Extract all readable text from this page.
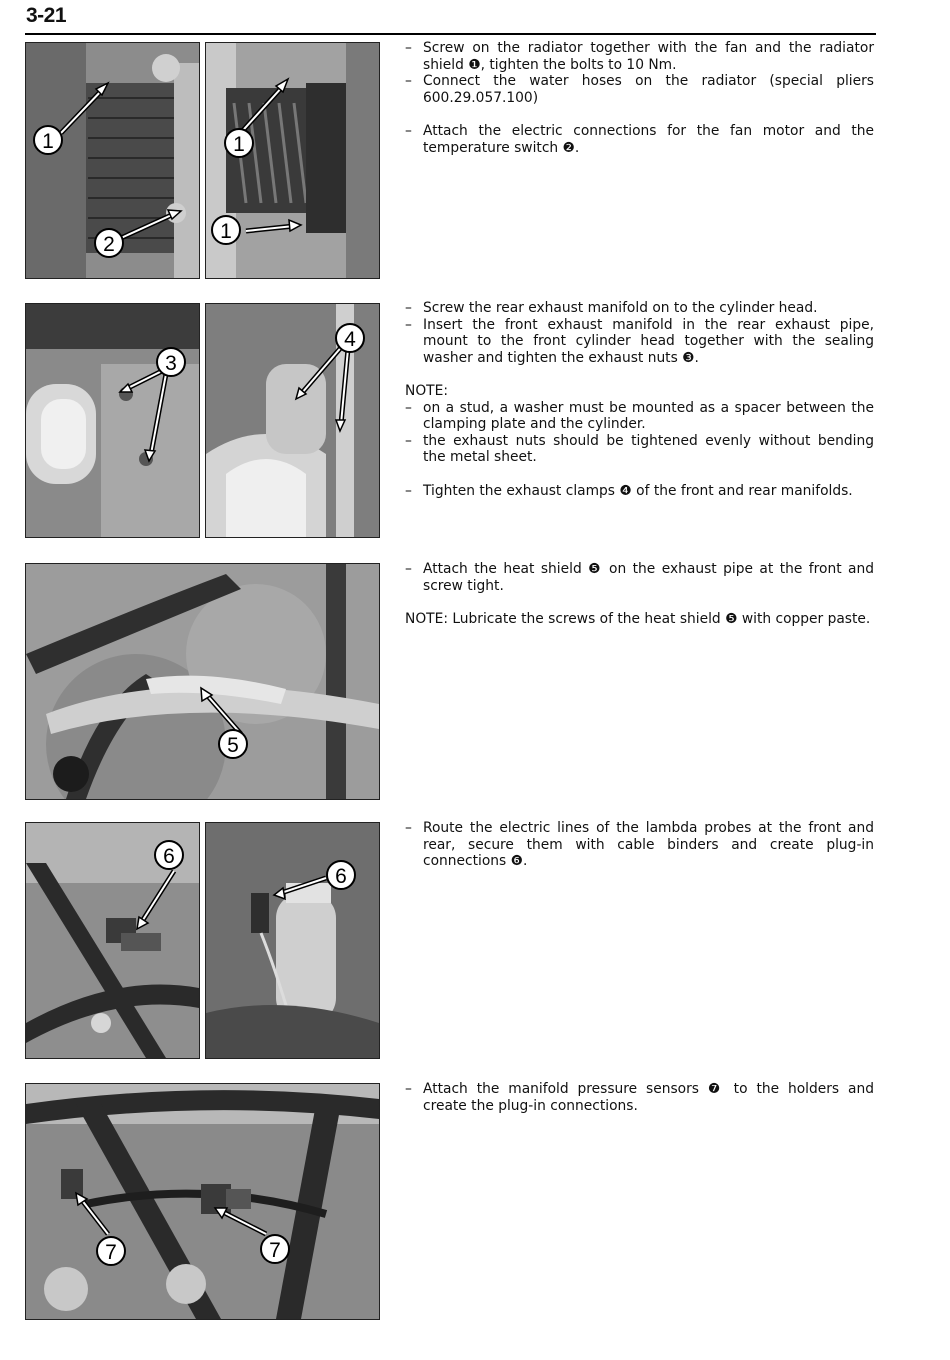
3-21
1
2
1
1
– Screw on the radiator together with the fan and the radiator shield ❶, tighten the bolts to 10 Nm.
– Connect the water hoses on the radiator (special pliers 600.29.057.100)
– Attach the electric connections for the fan motor and the temperature switch ❷.
3
4
– Screw the rear exhaust manifold on to the cylinder head.
– Insert the front exhaust manifold in the rear exhaust pipe, mount to the front cylinder head together with the sealing washer and tighten the exhaust nuts ❸.
NOTE:
– on a stud, a washer must be mounted as a spacer between the clamping plate and the cylinder.
– the exhaust nuts should be tightened evenly without bending the metal sheet.
– Tighten the exhaust clamps ❹ of the front and rear manifolds.
5
– Attach the heat shield ❺ on the exhaust pipe at the front and screw tight.
NOTE: Lubricate the screws of the heat shield ❺ with copper paste.
6
6
– Route the electric lines of the lambda probes at the front and rear, secure them with cable binders and create plug-in connections ❻.
7	7
– Attach the manifold pressure sensors ❼ to the holders and create the plug-in connections.
